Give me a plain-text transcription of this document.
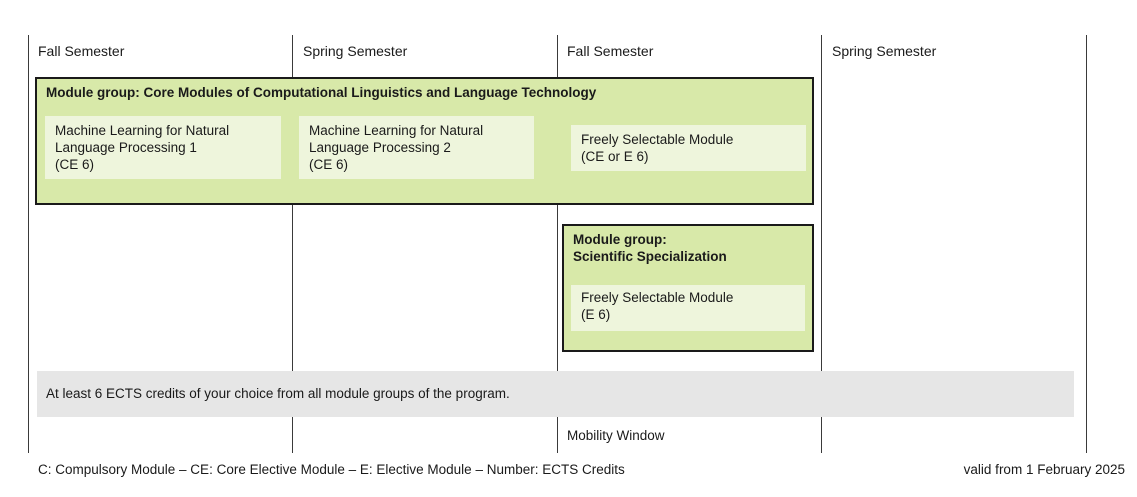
Fall Semester	Spring Semester	Fall Semester	Spring Semester
Module group: Core Modules of Computational Linguistics and Language Technology
Machine Learning for Natural
Language Processing 1
(CE 6)
Machine Learning for Natural
Language Processing 2
(CE 6)
Freely Selectable Module
(CE or E 6)
Module group:
Scientific Specialization
Freely Selectable Module
(E 6)
At least 6 ECTS credits of your choice from all module groups of the program.
Mobility Window
C: Compulsory Module – CE: Core Elective Module – E: Elective Module – Number: ECTS Credits	valid from 1 February 2025
